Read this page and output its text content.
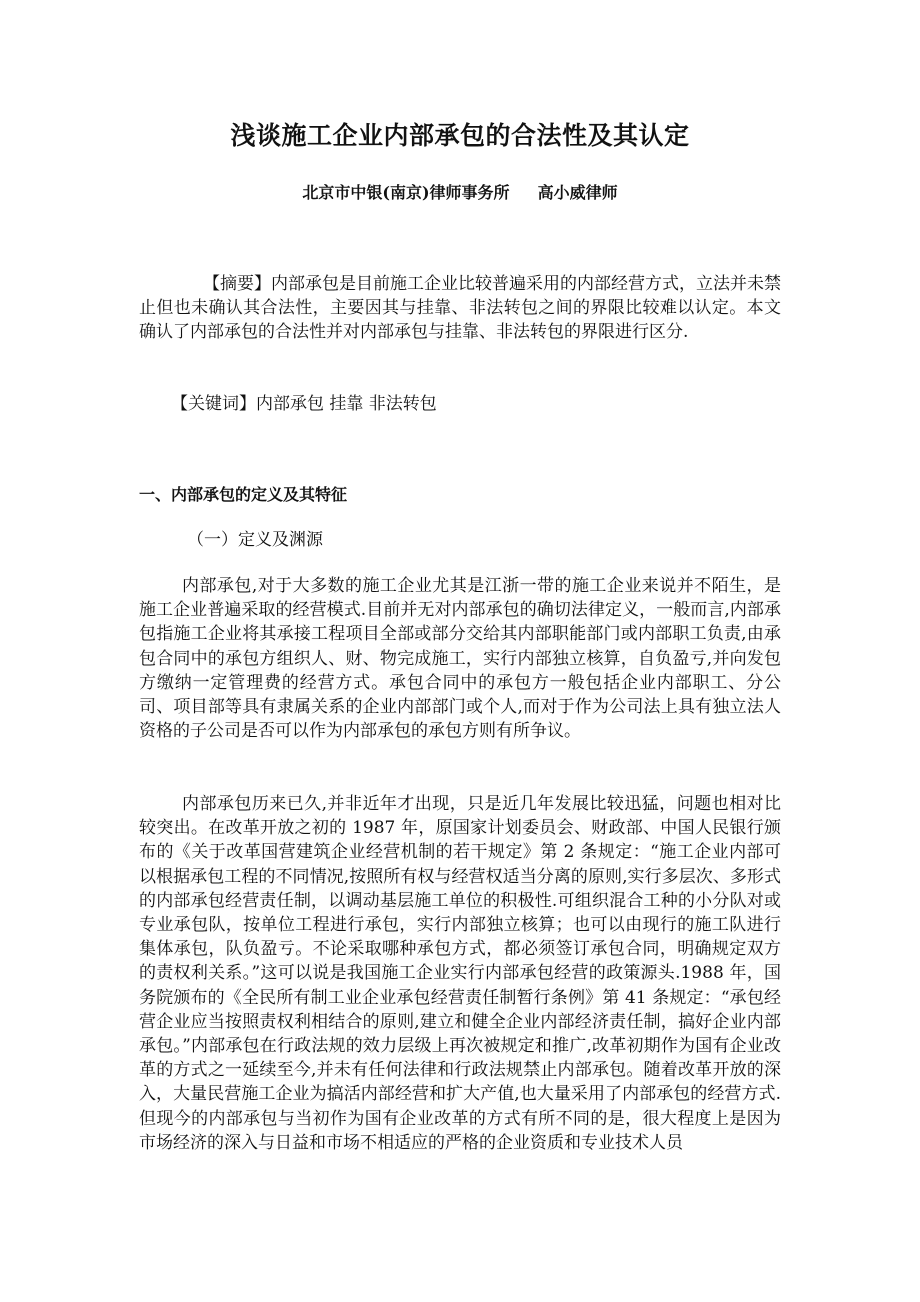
浅谈施工企业内部承包的合法性及其认定
北京市中银(南京)律师事务所 高小威律师
【摘要】内部承包是目前施工企业比较普遍采用的内部经营方式，立法并未禁止但也未确认其合法性，主要因其与挂靠、非法转包之间的界限比较难以认定。本文确认了内部承包的合法性并对内部承包与挂靠、非法转包的界限进行区分.
【关键词】内部承包 挂靠 非法转包
一、内部承包的定义及其特征
（一）定义及渊源
内部承包,对于大多数的施工企业尤其是江浙一带的施工企业来说并不陌生，是施工企业普遍采取的经营模式.目前并无对内部承包的确切法律定义，一般而言,内部承包指施工企业将其承接工程项目全部或部分交给其内部职能部门或内部职工负责,由承包合同中的承包方组织人、财、物完成施工，实行内部独立核算，自负盈亏,并向发包方缴纳一定管理费的经营方式。承包合同中的承包方一般包括企业内部职工、分公司、项目部等具有隶属关系的企业内部部门或个人,而对于作为公司法上具有独立法人资格的子公司是否可以作为内部承包的承包方则有所争议。
内部承包历来已久,并非近年才出现，只是近几年发展比较迅猛，问题也相对比较突出。在改革开放之初的 1987 年，原国家计划委员会、财政部、中国人民银行颁布的《关于改革国营建筑企业经营机制的若干规定》第 2 条规定：“施工企业内部可以根据承包工程的不同情况,按照所有权与经营权适当分离的原则,实行多层次、多形式的内部承包经营责任制，以调动基层施工单位的积极性.可组织混合工种的小分队对或专业承包队，按单位工程进行承包，实行内部独立核算；也可以由现行的施工队进行集体承包，队负盈亏。不论采取哪种承包方式，都必须签订承包合同，明确规定双方的责权利关系。”这可以说是我国施工企业实行内部承包经营的政策源头.1988 年，国务院颁布的《全民所有制工业企业承包经营责任制暂行条例》第 41 条规定：“承包经营企业应当按照责权利相结合的原则,建立和健全企业内部经济责任制，搞好企业内部承包。”内部承包在行政法规的效力层级上再次被规定和推广,改革初期作为国有企业改革的方式之一延续至今,并未有任何法律和行政法规禁止内部承包。随着改革开放的深入，大量民营施工企业为搞活内部经营和扩大产值,也大量采用了内部承包的经营方式.但现今的内部承包与当初作为国有企业改革的方式有所不同的是，很大程度上是因为市场经济的深入与日益和市场不相适应的严格的企业资质和专业技术人员
